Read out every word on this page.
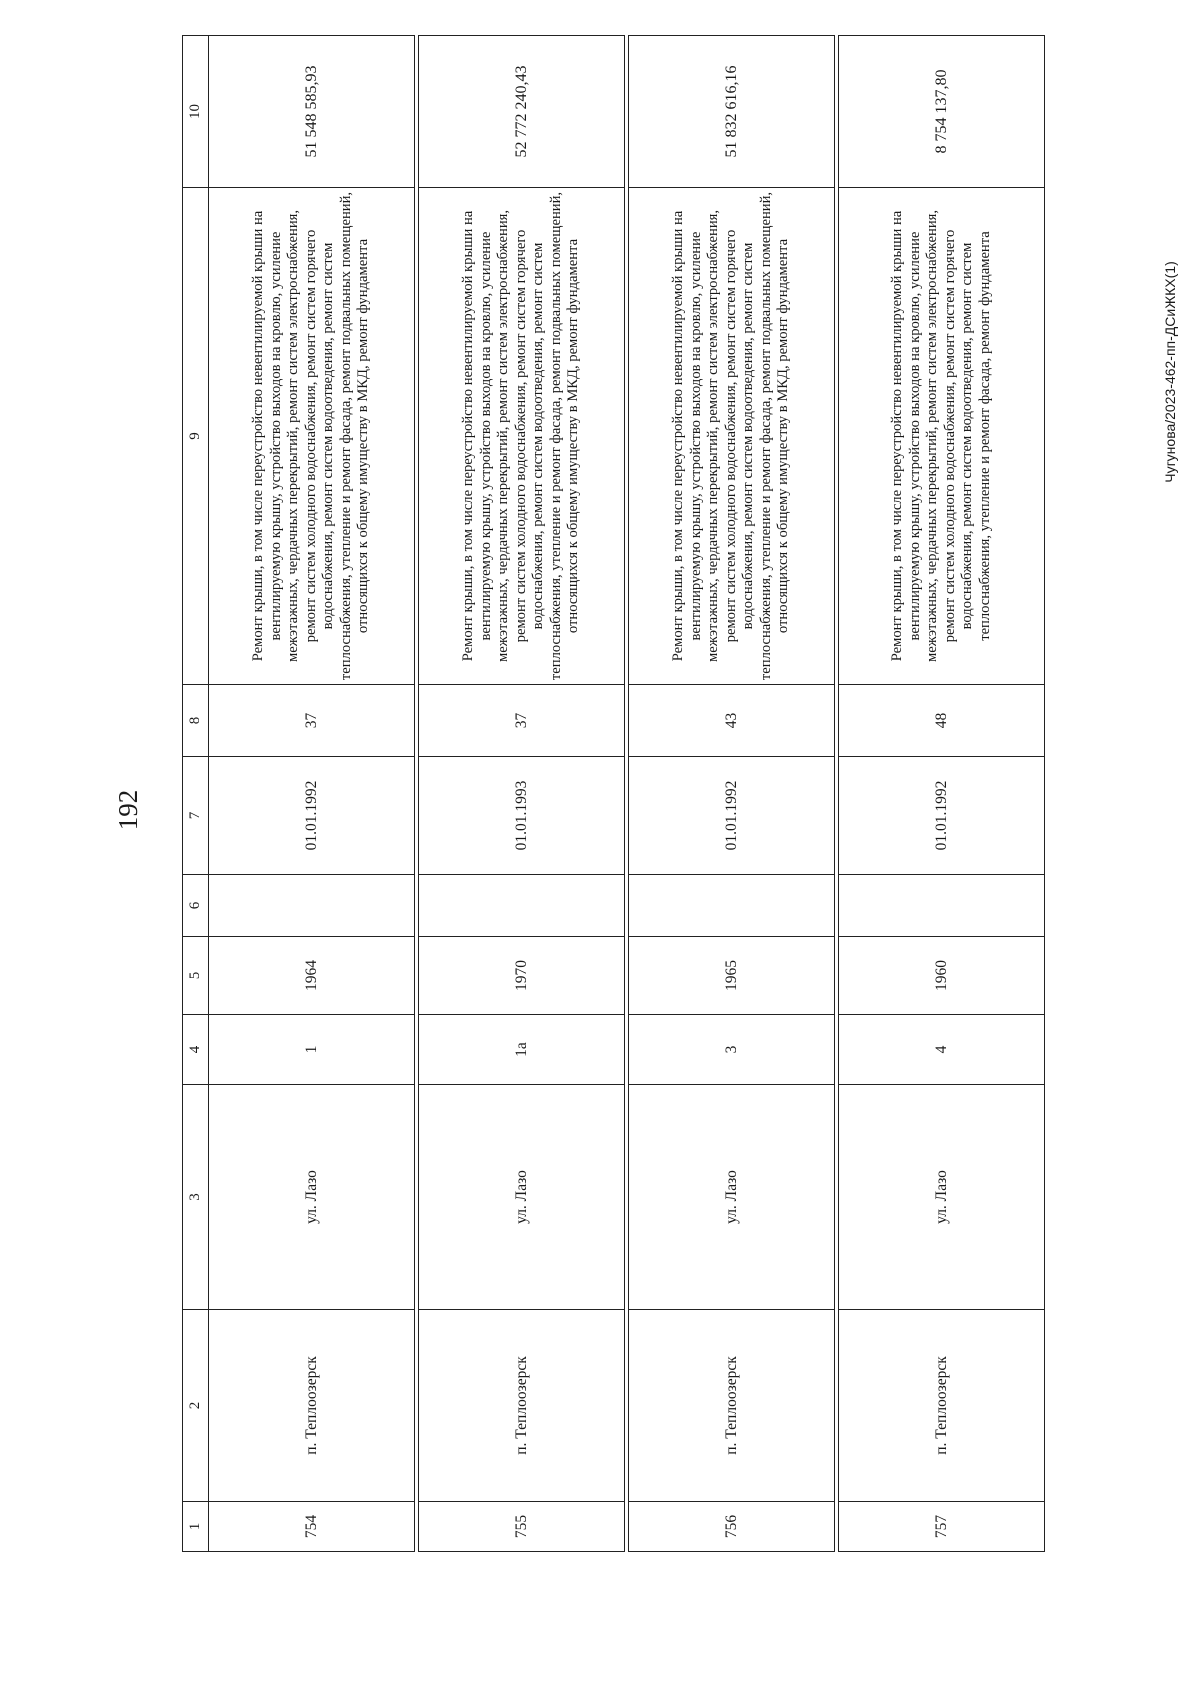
192
Чугунова/2023-462-пп-ДСиЖКХ(1)
1	2	3	4	5	6	7	8	9	10
754	п. Теплоозерск	ул. Лазо	1	1964		01.01.1992	37	Ремонт крыши, в том числе переустройство невентилируемой крыши на вентилируемую крышу, устройство выходов на кровлю, усиление межэтажных, чердачных перекрытий, ремонт систем электроснабжения, ремонт систем холодного водоснабжения, ремонт систем горячего водоснабжения, ремонт систем водоотведения, ремонт систем теплоснабжения, утепление и ремонт фасада, ремонт подвальных помещений, относящихся к общему имуществу в МКД, ремонт фундамента	51 548 585,93

755	п. Теплоозерск	ул. Лазо	1а	1970		01.01.1993	37	Ремонт крыши, в том числе переустройство невентилируемой крыши на вентилируемую крышу, устройство выходов на кровлю, усиление межэтажных, чердачных перекрытий, ремонт систем электроснабжения, ремонт систем холодного водоснабжения, ремонт систем горячего водоснабжения, ремонт систем водоотведения, ремонт систем теплоснабжения, утепление и ремонт фасада, ремонт подвальных помещений, относящихся к общему имуществу в МКД, ремонт фундамента	52 772 240,43

756	п. Теплоозерск	ул. Лазо	3	1965		01.01.1992	43	Ремонт крыши, в том числе переустройство невентилируемой крыши на вентилируемую крышу, устройство выходов на кровлю, усиление межэтажных, чердачных перекрытий, ремонт систем электроснабжения, ремонт систем холодного водоснабжения, ремонт систем горячего водоснабжения, ремонт систем водоотведения, ремонт систем теплоснабжения, утепление и ремонт фасада, ремонт подвальных помещений, относящихся к общему имуществу в МКД, ремонт фундамента	51 832 616,16

757	п. Теплоозерск	ул. Лазо	4	1960		01.01.1992	48	Ремонт крыши, в том числе переустройство невентилируемой крыши на вентилируемую крышу, устройство выходов на кровлю, усиление межэтажных, чердачных перекрытий, ремонт систем электроснабжения, ремонт систем холодного водоснабжения, ремонт систем горячего водоснабжения, ремонт систем водоотведения, ремонт систем теплоснабжения, утепление и ремонт фасада, ремонт фундамента	8 754 137,80
